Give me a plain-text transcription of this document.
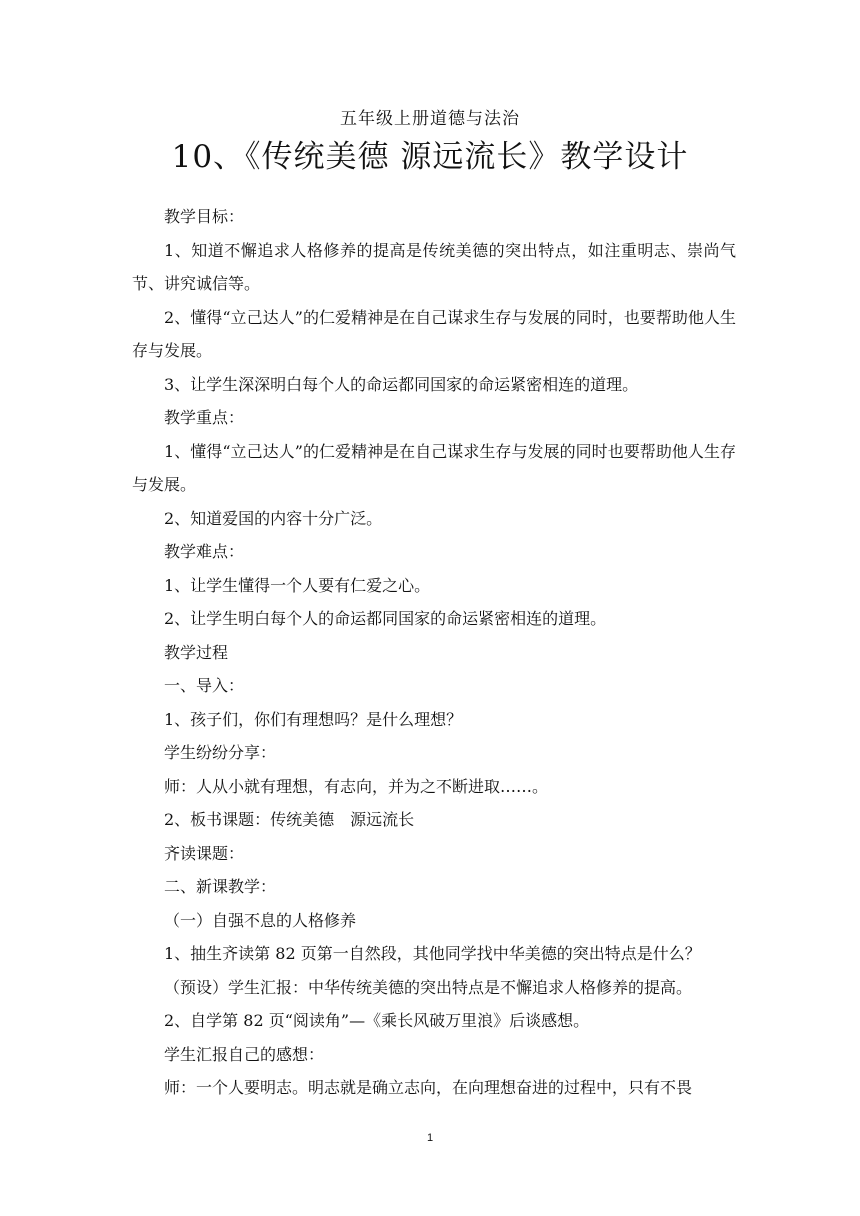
五年级上册道德与法治
10、《传统美德 源远流长》教学设计

教学目标：

1、知道不懈追求人格修养的提高是传统美德的突出特点，如注重明志、崇尚气节、讲究诚信等。

2、懂得“立己达人”的仁爱精神是在自己谋求生存与发展的同时，也要帮助他人生存与发展。

3、让学生深深明白每个人的命运都同国家的命运紧密相连的道理。

教学重点：

1、懂得“立己达人”的仁爱精神是在自己谋求生存与发展的同时也要帮助他人生存与发展。

2、知道爱国的内容十分广泛。

教学难点：

1、让学生懂得一个人要有仁爱之心。

2、让学生明白每个人的命运都同国家的命运紧密相连的道理。

教学过程

一、导入：

1、孩子们，你们有理想吗？是什么理想？

学生纷纷分享：

师：人从小就有理想，有志向，并为之不断进取……。

2、板书课题：传统美德　源远流长

齐读课题：

二、新课教学：

（一）自强不息的人格修养

1、抽生齐读第 82 页第一自然段，其他同学找中华美德的突出特点是什么？

（预设）学生汇报：中华传统美德的突出特点是不懈追求人格修养的提高。

2、自学第 82 页“阅读角”—《乘长风破万里浪》后谈感想。

学生汇报自己的感想：

师：一个人要明志。明志就是确立志向，在向理想奋进的过程中，只有不畏

1
